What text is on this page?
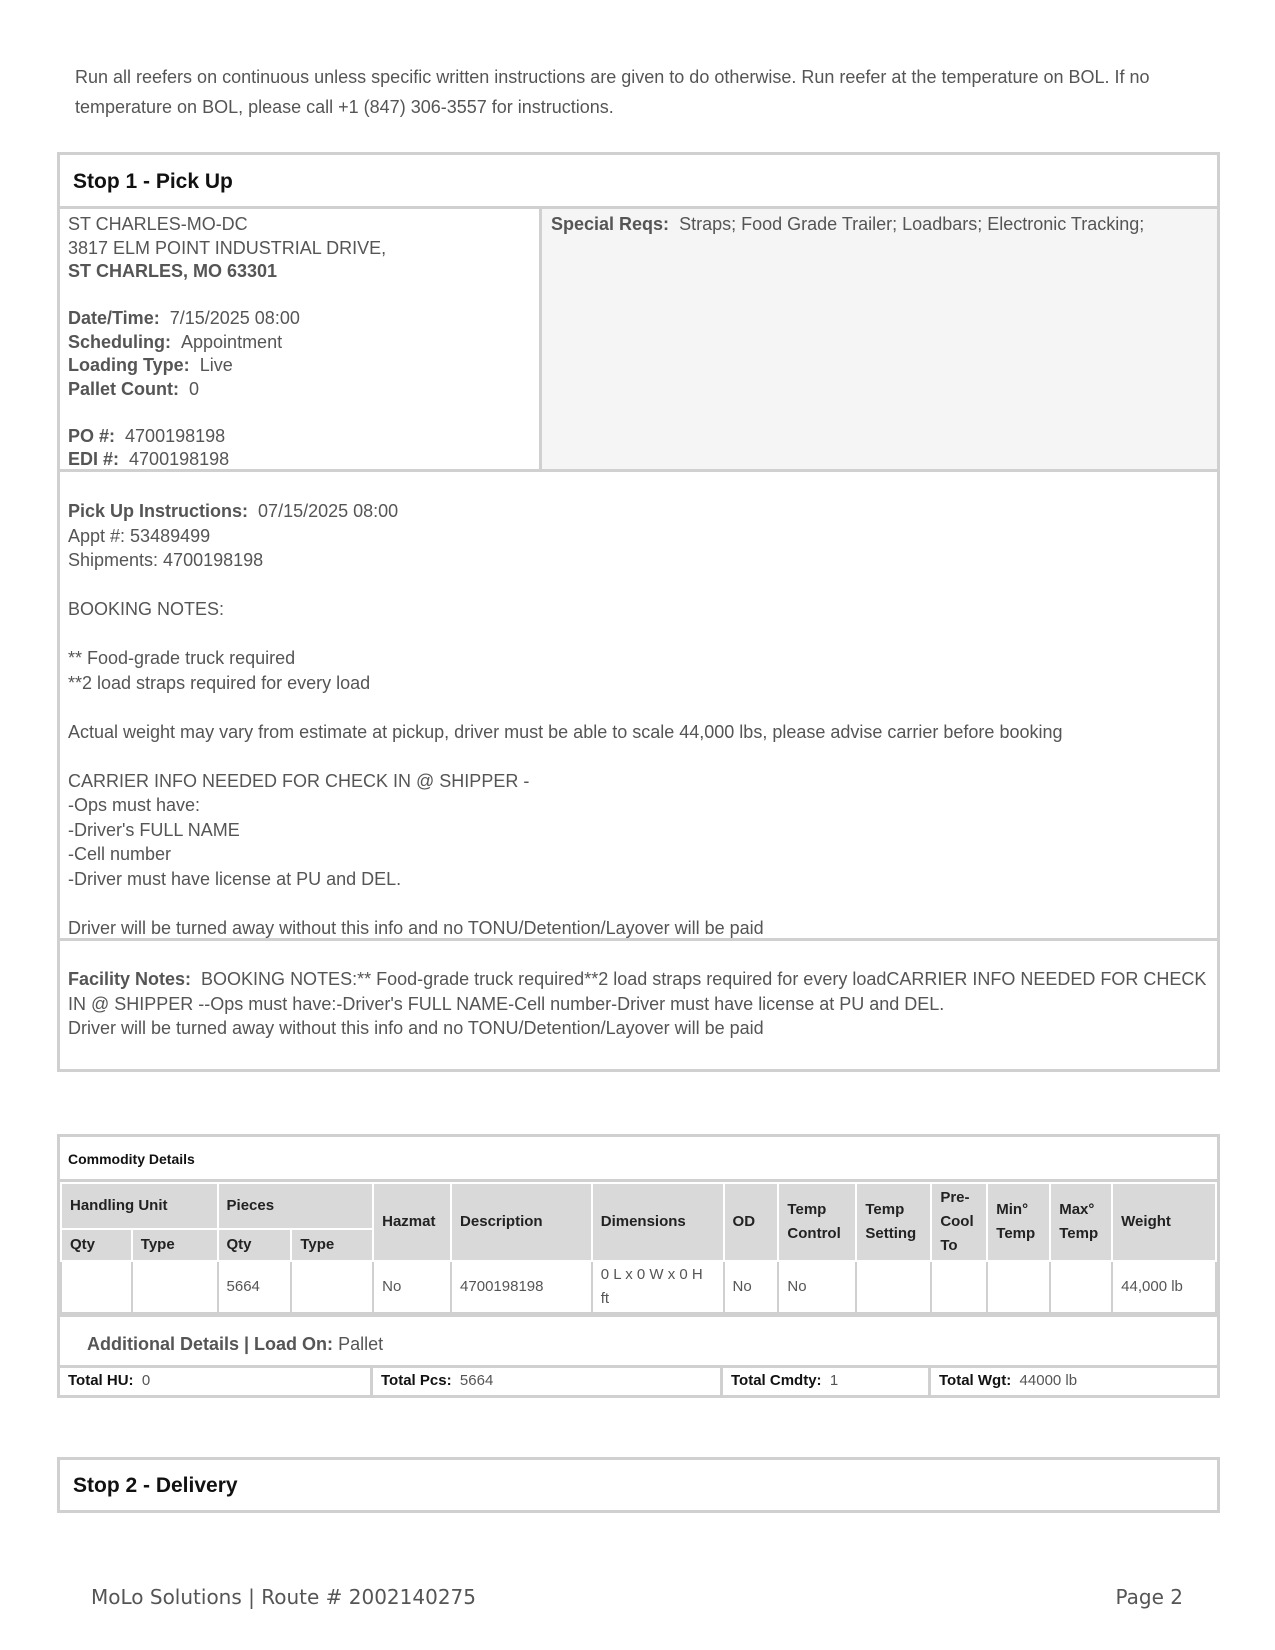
Run all reefers on continuous unless specific written instructions are given to do otherwise. Run reefer at the temperature on BOL. If no temperature on BOL, please call +1 (847) 306-3557 for instructions.

Stop 1 - Pick Up
ST CHARLES-MO-DC
3817 ELM POINT INDUSTRIAL DRIVE,
ST CHARLES, MO 63301
Date/Time: 7/15/2025 08:00
Scheduling: Appointment
Loading Type: Live
Pallet Count: 0
PO #: 4700198198
EDI #: 4700198198
Special Reqs: Straps; Food Grade Trailer; Loadbars; Electronic Tracking;
Pick Up Instructions: 07/15/2025 08:00
Appt #: 53489499
Shipments: 4700198198
BOOKING NOTES:
** Food-grade truck required
**2 load straps required for every load
Actual weight may vary from estimate at pickup, driver must be able to scale 44,000 lbs, please advise carrier before booking
CARRIER INFO NEEDED FOR CHECK IN @ SHIPPER -
-Ops must have:
-Driver's FULL NAME
-Cell number
-Driver must have license at PU and DEL.
Driver will be turned away without this info and no TONU/Detention/Layover will be paid
Facility Notes: BOOKING NOTES:** Food-grade truck required**2 load straps required for every loadCARRIER INFO NEEDED FOR CHECK IN @ SHIPPER --Ops must have:-Driver's FULL NAME-Cell number-Driver must have license at PU and DEL.
Driver will be turned away without this info and no TONU/Detention/Layover will be paid
Commodity Details
Handling Unit		Pieces		Hazmat	Description	Dimensions	OD	Temp Control	Temp Setting	Pre-Cool To	Min° Temp	Max° Temp	Weight
Qty	Type	Qty	Type										
		5664		No	4700198198	0 L x 0 W x 0 H ft	No	No					44,000 lb
Additional Details | Load On: Pallet
Total HU: 0	Total Pcs: 5664	Total Cmdty: 1	Total Wgt: 44000 lb
Stop 2 - Delivery
MoLo Solutions | Route # 2002140275	Page 2
